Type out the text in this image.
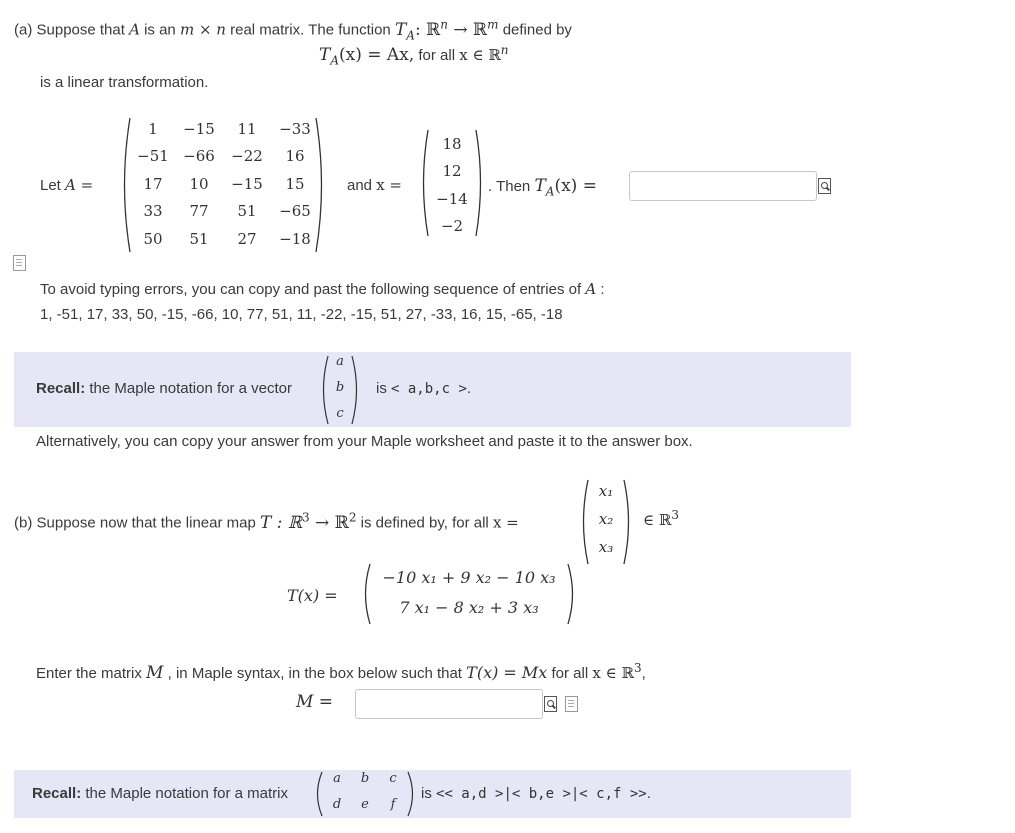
(a) Suppose that A is an m × n real matrix. The function $T_A$: ℝ$^n$ → ℝ$^m$ defined by
$T_A(x) = Ax$, for all x ∈ ℝ$^n$
is a linear transformation.
Let A =
1	−15	11	−33
−51 −66	−22	16
17	10	−15	15
33	77	51	−65
50	51	27	−18
and x =
18
12
−14
−2
. Then $T_A(x)$ =
To avoid typing errors, you can copy and past the following sequence of entries of A :
1, -51, 17, 33, 50, -15, -66, 10, 77, 51, 11, -22, -15, 51, 27, -33, 16, 15, -65, -18
Recall: the Maple notation for a vector
a
b
c
is < a,b,c >.
Alternatively, you can copy your answer from your Maple worksheet and paste it to the answer box.
(b) Suppose now that the linear map T : ℝ$^3$ → ℝ$^2$ is defined by, for all x =
x₁
x₂
x₃
∈ ℝ$^3$
T(x) =
−10 x₁ + 9 x₂ − 10 x₃
7 x₁ − 8 x₂ + 3 x₃
Enter the matrix M , in Maple syntax, in the box below such that T(x) = Mx for all x ∈ ℝ$^3$,
M =
Recall: the Maple notation for a matrix
a	b	c
d	e	f
is << a,d >|< b,e >|< c,f >>.
